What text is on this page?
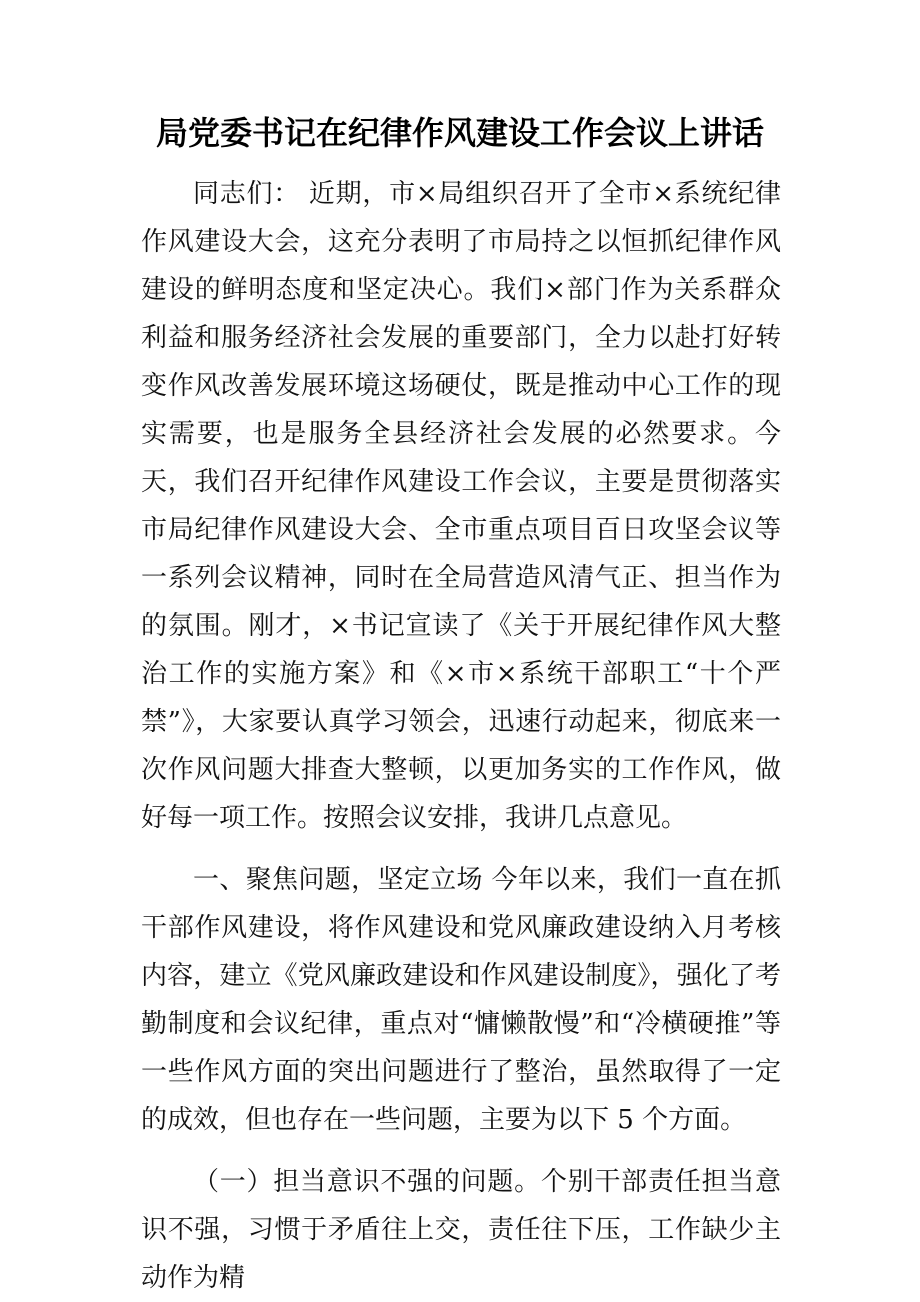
局党委书记在纪律作风建设工作会议上讲话

同志们： 近期，市×局组织召开了全市×系统纪律作风建设大会，这充分表明了市局持之以恒抓纪律作风建设的鲜明态度和坚定决心。我们×部门作为关系群众利益和服务经济社会发展的重要部门，全力以赴打好转变作风改善发展环境这场硬仗，既是推动中心工作的现实需要，也是服务全县经济社会发展的必然要求。今天，我们召开纪律作风建设工作会议，主要是贯彻落实市局纪律作风建设大会、全市重点项目百日攻坚会议等一系列会议精神，同时在全局营造风清气正、担当作为的氛围。刚才，×书记宣读了《关于开展纪律作风大整治工作的实施方案》和《×市×系统干部职工“十个严禁”》，大家要认真学习领会，迅速行动起来，彻底来一次作风问题大排查大整顿，以更加务实的工作作风，做好每一项工作。按照会议安排，我讲几点意见。

一、聚焦问题，坚定立场 今年以来，我们一直在抓干部作风建设，将作风建设和党风廉政建设纳入月考核内容，建立《党风廉政建设和作风建设制度》，强化了考勤制度和会议纪律，重点对“慵懒散慢”和“冷横硬推”等一些作风方面的突出问题进行了整治，虽然取得了一定的成效，但也存在一些问题，主要为以下 5 个方面。

（一）担当意识不强的问题。个别干部责任担当意识不强，习惯于矛盾往上交，责任往下压，工作缺少主动作为精
